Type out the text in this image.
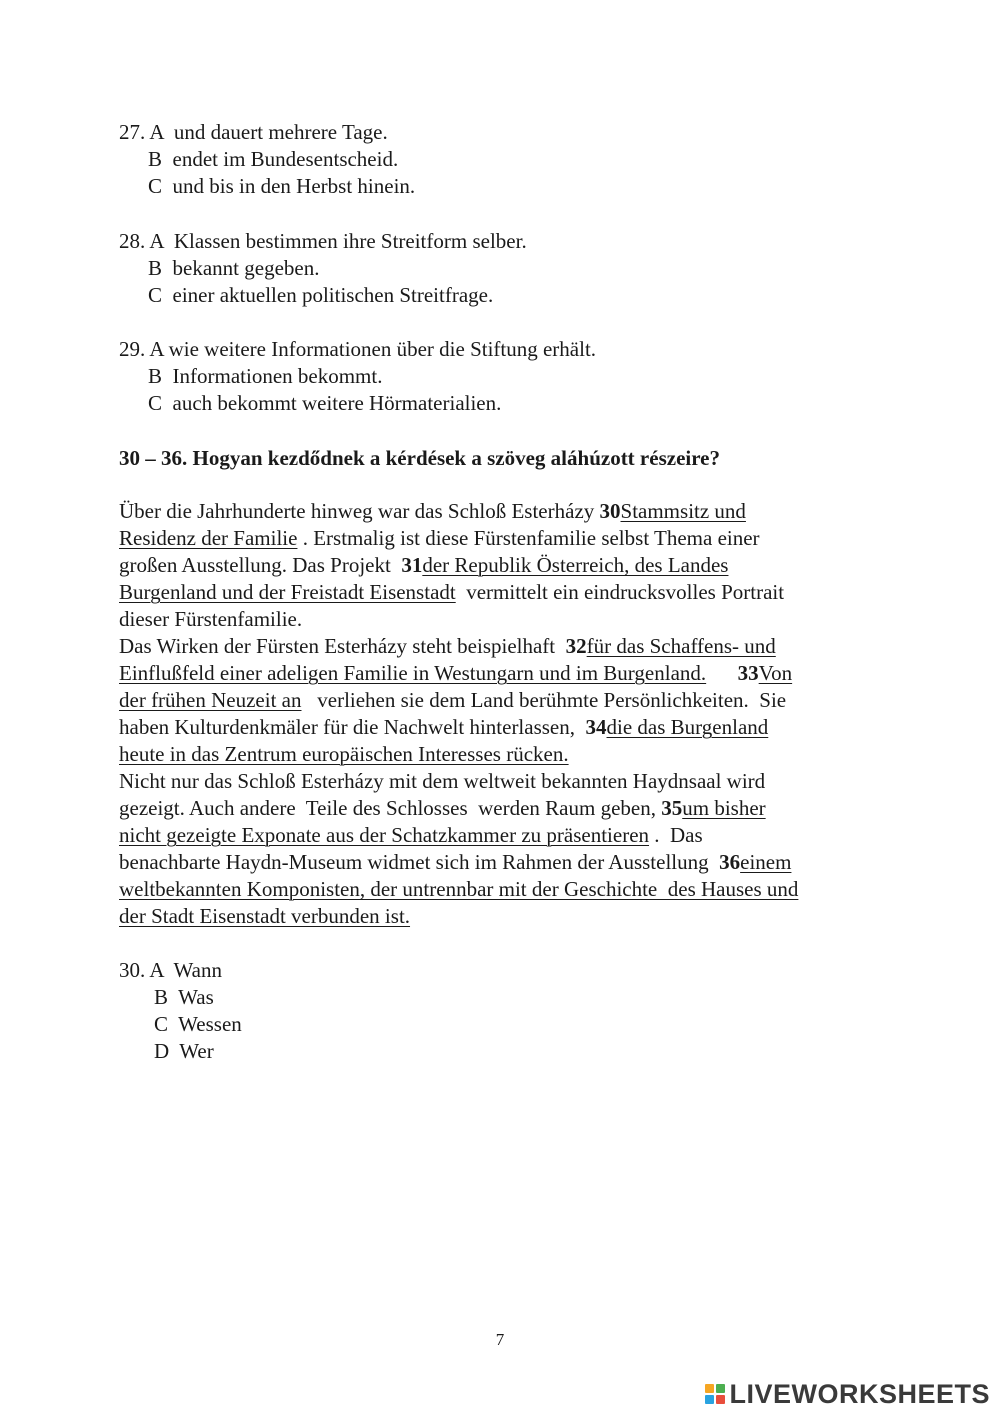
27. A und dauert mehrere Tage.
B endet im Bundesentscheid.
C und bis in den Herbst hinein.
28. A Klassen bestimmen ihre Streitform selber.
B bekannt gegeben.
C einer aktuellen politischen Streitfrage.
29. A wie weitere Informationen über die Stiftung erhält.
B Informationen bekommt.
C auch bekommt weitere Hörmaterialien.
30 – 36. Hogyan kezdődnek a kérdések a szöveg aláhúzott részeire?
Über die Jahrhunderte hinweg war das Schloß Esterházy 30Stammsitz und
Residenz der Familie . Erstmalig ist diese Fürstenfamilie selbst Thema einer
großen Ausstellung. Das Projekt  31der Republik Österreich, des Landes
Burgenland und der Freistadt Eisenstadt  vermittelt ein eindrucksvolles Portrait
dieser Fürstenfamilie.
Das Wirken der Fürsten Esterházy steht beispielhaft  32für das Schaffens- und
Einflußfeld einer adeligen Familie in Westungarn und im Burgenland. 33Von
der frühen Neuzeit an   verliehen sie dem Land berühmte Persönlichkeiten.  Sie
haben Kulturdenkmäler für die Nachwelt hinterlassen,  34die das Burgenland
heute in das Zentrum europäischen Interesses rücken.
Nicht nur das Schloß Esterházy mit dem weltweit bekannten Haydnsaal wird
gezeigt. Auch andere  Teile des Schlosses  werden Raum geben, 35um bisher
nicht gezeigte Exponate aus der Schatzkammer zu präsentieren .  Das
benachbarte Haydn-Museum widmet sich im Rahmen der Ausstellung  36einem
weltbekannten Komponisten, der untrennbar mit der Geschichte  des Hauses und
der Stadt Eisenstadt verbunden ist.
30. A Wann
B Was
C Wessen
D Wer
7
LIVEWORKSHEETS
